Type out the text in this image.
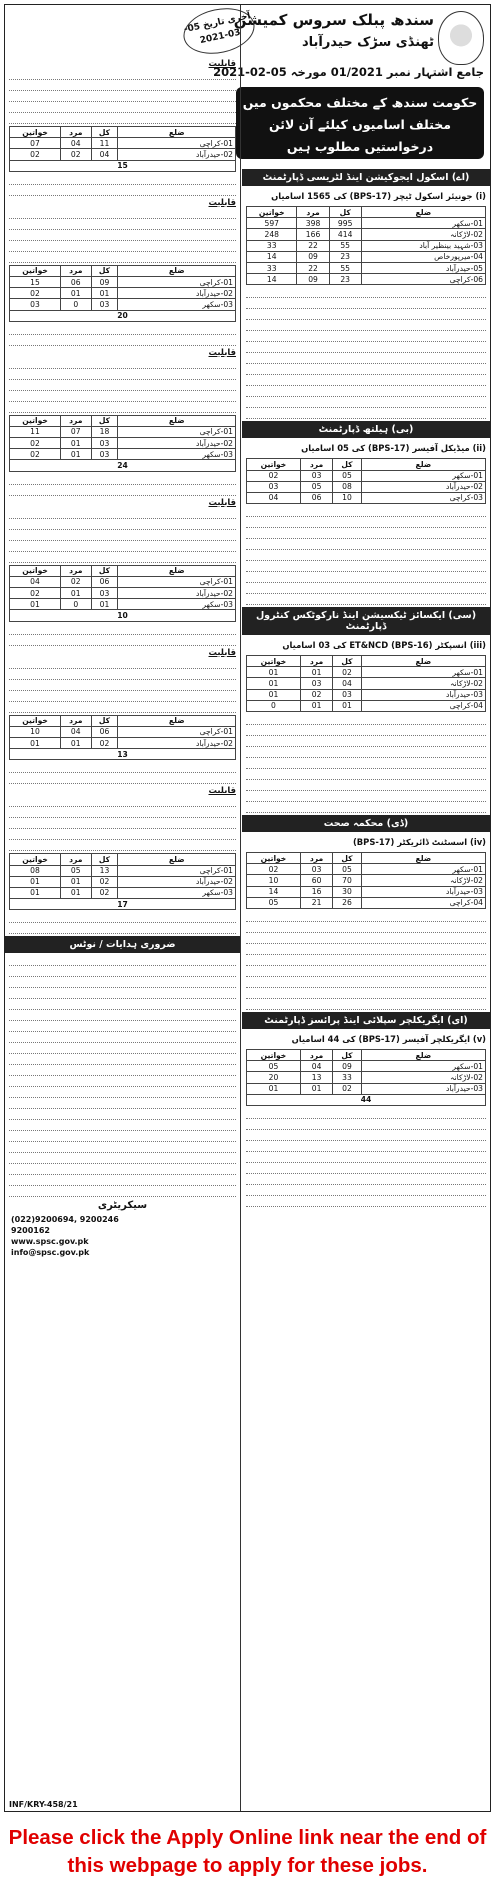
سندھ پبلک سروس کمیشن
ٹھنڈی سڑک حیدرآباد
جامع اشتہار نمبر 01/2021 مورخہ 05-02-2021
حکومت سندھ کے مختلف محکموں میں مختلف اسامیوں کیلئے آن لائن درخواستیں مطلوب ہیں
(اے) اسکول ایجوکیشن اینڈ لٹریسی ڈپارٹمنٹ
(i) جونیئر اسکول ٹیچر (BPS-17) کی 1565 اسامیاں
ضلع	کل	مرد	خواتین
01-سکھر	995	398	597
02-لاڑکانہ	414	166	248
03-شہید بینظیر آباد	55	22	33
04-میرپورخاص	23	09	14
05-حیدرآباد	55	22	33
06-کراچی	23	09	14
(بی) ہیلتھ ڈپارٹمنٹ
(ii) میڈیکل آفیسر (BPS-17) کی 05 اسامیاں
ضلع	کل	مرد	خواتین
01-سکھر	05	03	02
02-حیدرآباد	08	05	03
03-کراچی	10	06	04
(سی) ایکسائز ٹیکسیشن اینڈ نارکوٹکس کنٹرول ڈپارٹمنٹ
(iii) انسپکٹر ET&NCD (BPS-16) کی 03 اسامیاں
ضلع	کل	مرد	خواتین
01-سکھر	02	01	01
02-لاڑکانہ	04	03	01
03-حیدرآباد	03	02	01
04-کراچی	01	01	0
(ڈی) محکمہ صحت
(iv) اسسٹنٹ ڈائریکٹر (BPS-17)
ضلع	کل	مرد	خواتین
01-سکھر	05	03	02
02-لاڑکانہ	70	60	10
03-حیدرآباد	30	16	14
04-کراچی	26	21	05
(ای) ایگریکلچر سپلائی اینڈ پرائسز ڈپارٹمنٹ
(v) ایگریکلچر آفیسر (BPS-17) کی 44 اسامیاں
ضلع	کل	مرد	خواتین
01-سکھر	09	04	05
02-لاڑکانہ	33	13	20
03-حیدرآباد	02	01	01
44			
آخری تاریخ 05-03-2021
قابلیت
ضلع	کل	مرد	خواتین
01-کراچی	11	04	07
02-حیدرآباد	04	02	02
15			
قابلیت
ضلع	کل	مرد	خواتین
01-کراچی	09	06	15
02-حیدرآباد	01	01	02
03-سکھر	03	0	03
20			
قابلیت
ضلع	کل	مرد	خواتین
01-کراچی	18	07	11
02-حیدرآباد	03	01	02
03-سکھر	03	01	02
24			
قابلیت
ضلع	کل	مرد	خواتین
01-کراچی	06	02	04
02-حیدرآباد	03	01	02
03-سکھر	01	0	01
10			
قابلیت
ضلع	کل	مرد	خواتین
01-کراچی	06	04	10
02-حیدرآباد	02	01	01
13			
قابلیت
ضلع	کل	مرد	خواتین
01-کراچی	13	05	08
02-حیدرآباد	02	01	01
03-سکھر	02	01	01
17			
ضروری ہدایات / نوٹس
سیکریٹری
(022)9200694, 9200246
9200162
www.spsc.gov.pk
info@spsc.gov.pk
INF/KRY-458/21
Please click the Apply Online link near the end of
this webpage to apply for these jobs.
